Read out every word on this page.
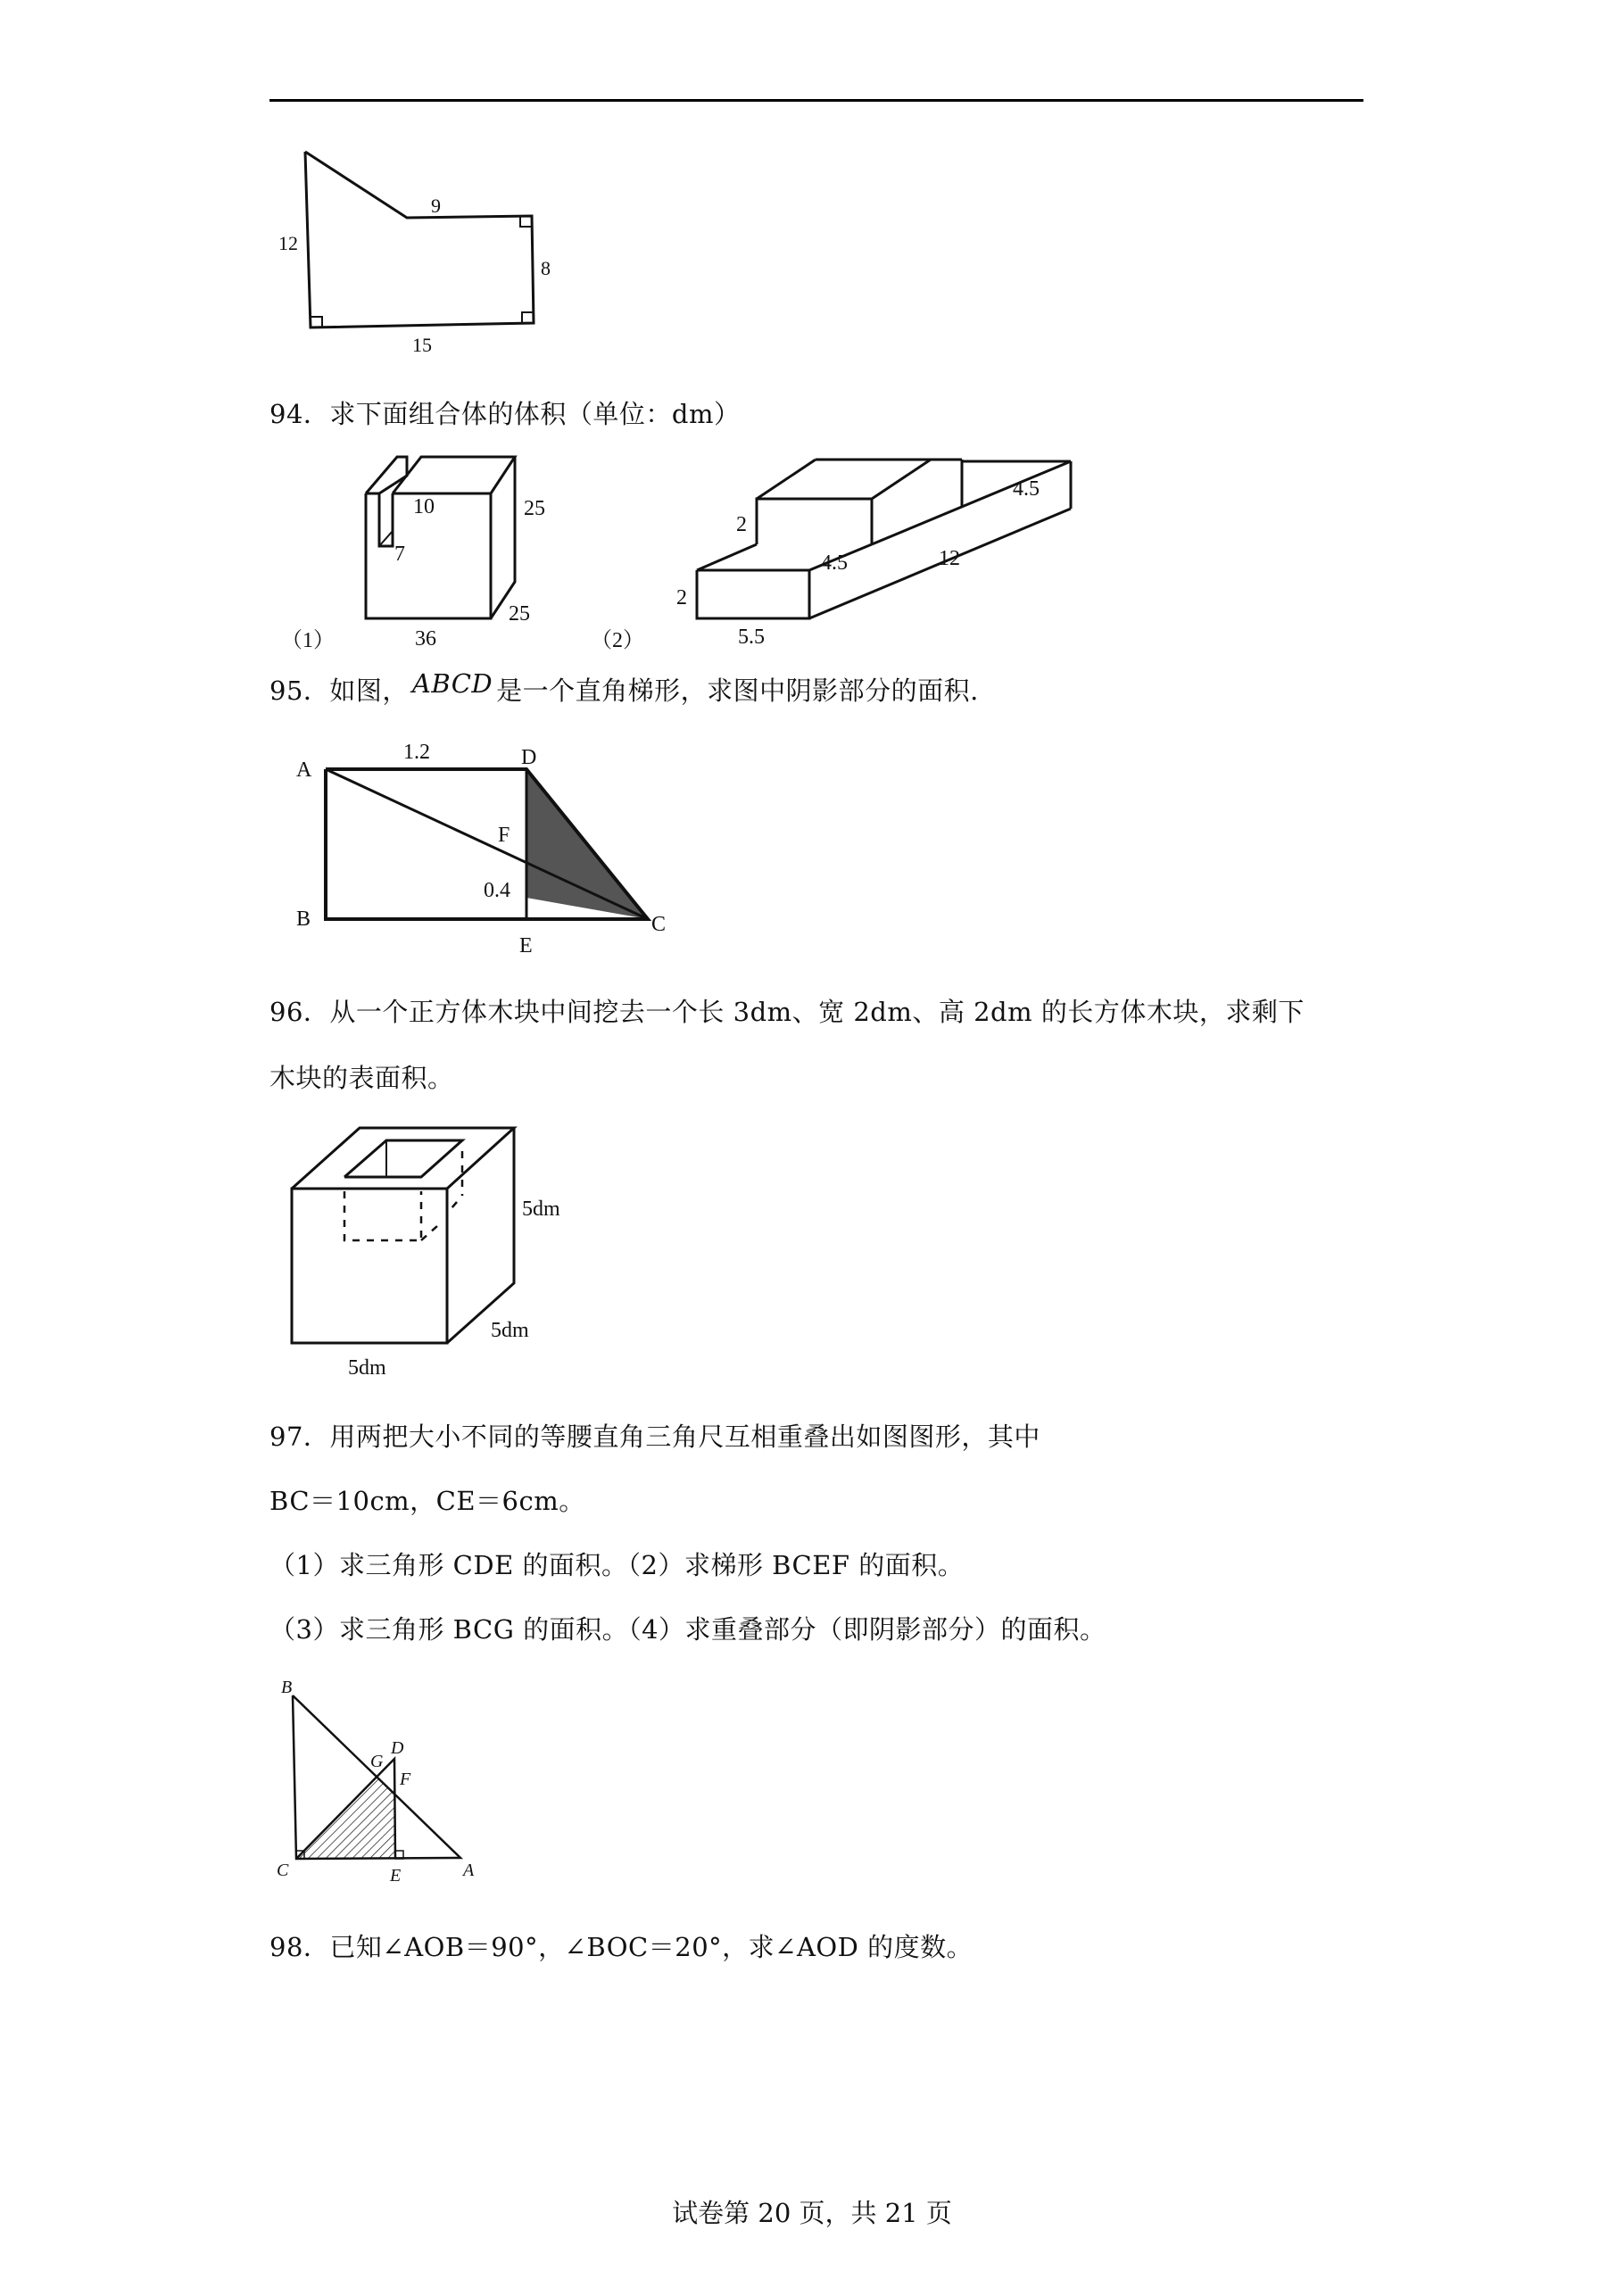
12
9
8
15
94．求下面组合体的体积（单位：dm）
10
7
25
25
36
（1）
2
4.5
2
4.5	12
5.5
（2）
95．如图， ABCD 是一个直角梯形，求图中阴影部分的面积.
A
B	C
D
E
F
1.2
0.4
96．从一个正方体木块中间挖去一个长 3dm、宽 2dm、高 2dm 的长方体木块，求剩下
木块的表面积。
5dm
5dm
5dm
97．用两把大小不同的等腰直角三角尺互相重叠出如图图形，其中
BC＝10cm，CE＝6cm。
（1）求三角形 CDE 的面积。（2）求梯形 BCEF 的面积。
（3）求三角形 BCG 的面积。（4）求重叠部分（即阴影部分）的面积。
B
C
D
E
F
G
A
98．已知∠AOB＝90°，∠BOC＝20°，求∠AOD 的度数。
试卷第 20 页，共 21 页
